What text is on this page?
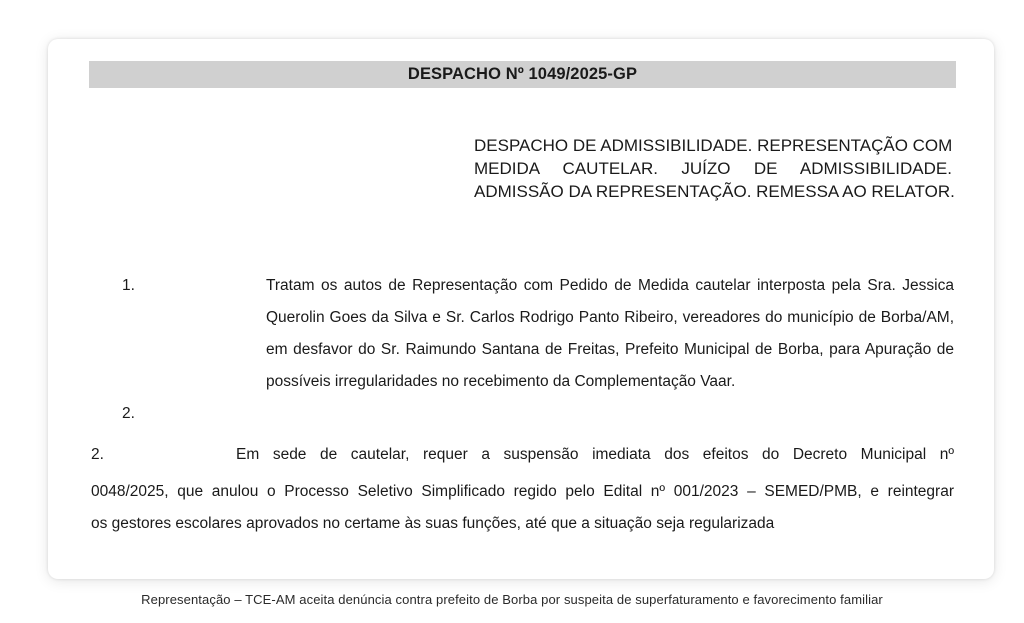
DESPACHO Nº 1049/2025-GP
DESPACHO DE ADMISSIBILIDADE. REPRESENTAÇÃO COM
MEDIDA CAUTELAR. JUÍZO DE ADMISSIBILIDADE.
ADMISSÃO DA REPRESENTAÇÃO. REMESSA AO RELATOR.
1.	Tratam os autos de Representação com Pedido de Medida cautelar interposta pela Sra. Jessica
Querolin Goes da Silva e Sr. Carlos Rodrigo Panto Ribeiro, vereadores do município de Borba/AM,
em desfavor do Sr. Raimundo Santana de Freitas, Prefeito Municipal de Borba, para Apuração de
possíveis irregularidades no recebimento da Complementação Vaar.
2.
2.	Em sede de cautelar, requer a suspensão imediata dos efeitos do Decreto Municipal nº
0048/2025, que anulou o Processo Seletivo Simplificado regido pelo Edital nº 001/2023 – SEMED/PMB, e reintegrar
os gestores escolares aprovados no certame às suas funções, até que a situação seja regularizada
Representação – TCE-AM aceita denúncia contra prefeito de Borba por suspeita de superfaturamento e favorecimento familiar
